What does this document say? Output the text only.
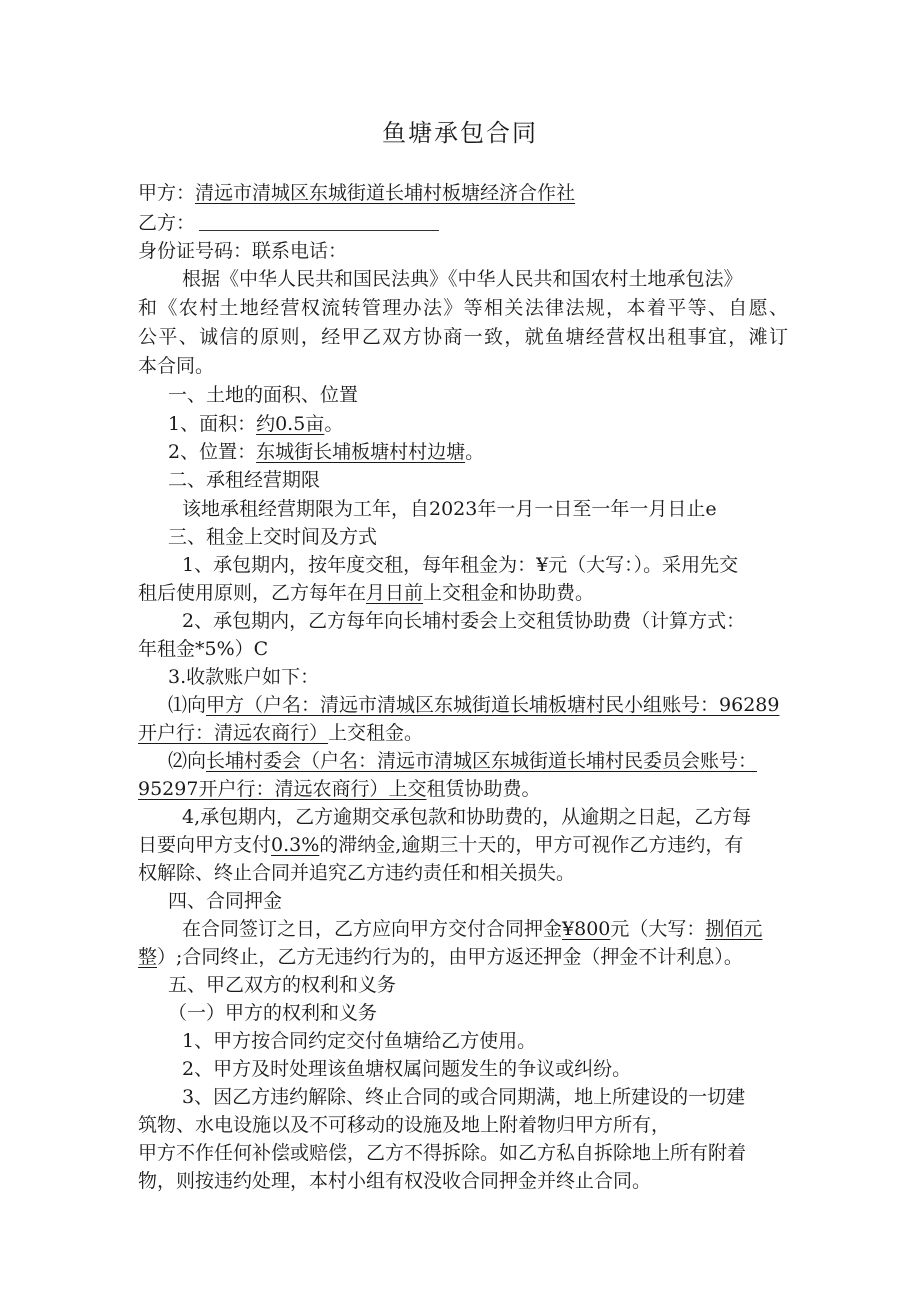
鱼塘承包合同
甲方：清远市清城区东城街道长埔村板塘经济合作社
乙方：
身份证号码：联系电话：
根据《中华人民共和国民法典》《中华人民共和国农村土地承包法》
和《农村土地经营权流转管理办法》等相关法律法规，本着平等、自愿、
公平、诚信的原则，经甲乙双方协商一致，就鱼塘经营权出租事宜，滩订
本合同。
一、土地的面积、位置
1、面积：约0.5亩。
2、位置：东城街长埔板塘村村边塘。
二、承租经营期限
该地承租经营期限为工年，自2023年一月一日至一年一月日止e
三、租金上交时间及方式
1、承包期内，按年度交租，每年租金为：¥元（大写：）。采用先交
租后使用原则，乙方每年在月日前上交租金和协助费。
2、承包期内，乙方每年向长埔村委会上交租赁协助费（计算方式：
年租金*5%）C
3.收款账户如下：
⑴向甲方（户名：清远市清城区东城街道长埔板塘村民小组账号：96289
开户行：清远农商行）上交租金。
⑵向长埔村委会（户名：清远市清城区东城街道长埔村民委员会账号：
95297开户行：清远农商行）上交租赁协助费。
4,承包期内，乙方逾期交承包款和协助费的，从逾期之日起，乙方每
日要向甲方支付0.3%的滞纳金,逾期三十天的，甲方可视作乙方违约，有
权解除、终止合同并追究乙方违约责任和相关损失。
四、合同押金
在合同签订之日，乙方应向甲方交付合同押金¥800元（大写：捌佰元
整）;合同终止，乙方无违约行为的，由甲方返还押金（押金不计利息）。
五、甲乙双方的权利和义务
（一）甲方的权利和义务
1、甲方按合同约定交付鱼塘给乙方使用。
2、甲方及时处理该鱼塘权属问题发生的争议或纠纷。
3、因乙方违约解除、终止合同的或合同期满，地上所建设的一切建
筑物、水电设施以及不可移动的设施及地上附着物归甲方所有，
甲方不作任何补偿或赔偿，乙方不得拆除。如乙方私自拆除地上所有附着
物，则按违约处理，本村小组有权没收合同押金并终止合同。
